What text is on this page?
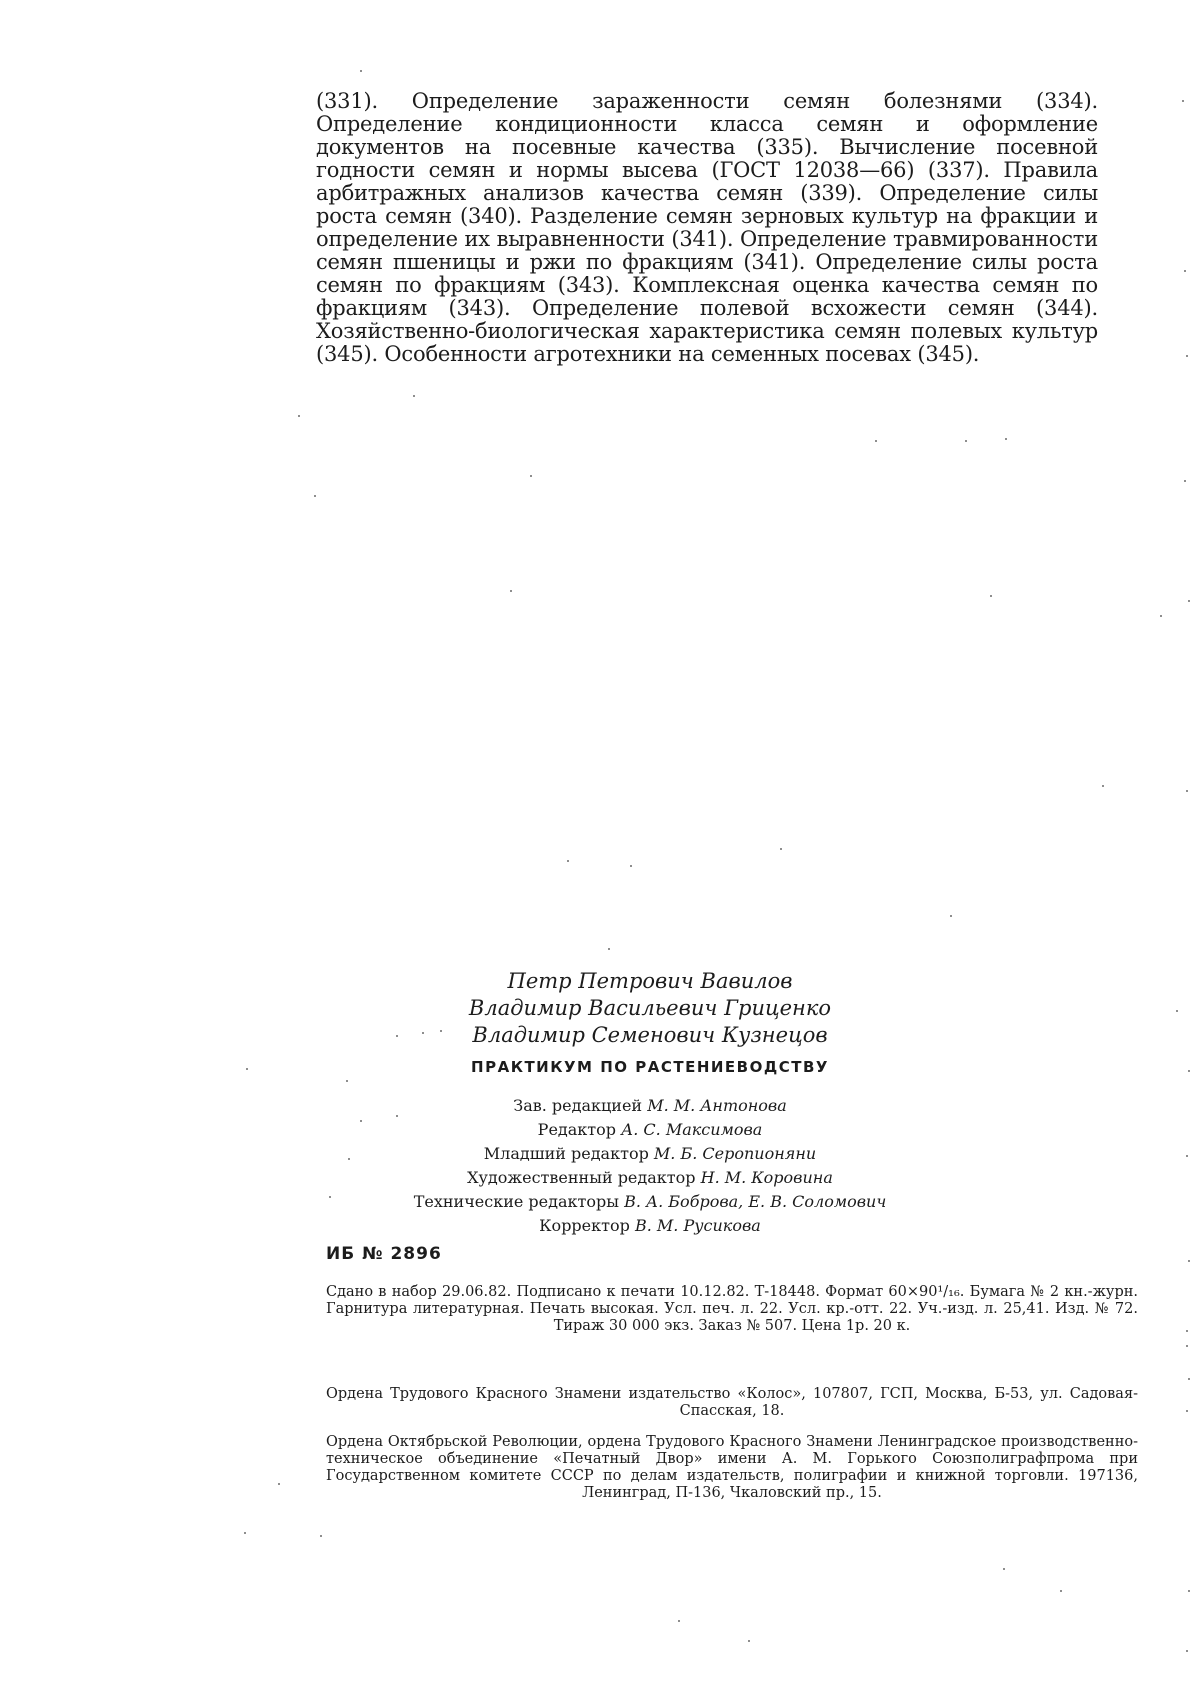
(331). Определение зараженности семян болезнями (334). Определение кондиционности класса семян и оформление документов на посевные качества (335). Вычисление посевной годности семян и нормы высева (ГОСТ 12038—66) (337). Правила арбитражных анализов качества семян (339). Определение силы роста семян (340). Разделение семян зерновых культур на фракции и определение их выравненности (341). Определение травмированности семян пшеницы и ржи по фракциям (341). Определение силы роста семян по фракциям (343). Комплексная оценка качества семян по фракциям (343). Определение полевой всхожести семян (344). Хозяйственно-биологическая характеристика семян полевых культур (345). Особенности агротехники на семенных посевах (345).

Петр Петрович Вавилов
Владимир Васильевич Гриценко
Владимир Семенович Кузнецов
ПРАКТИКУМ ПО РАСТЕНИЕВОДСТВУ
Зав. редакцией М. М. Антонова
Редактор А. С. Максимова
Младший редактор М. Б. Серопионяни
Художественный редактор Н. М. Коровина
Технические редакторы В. А. Боброва, Е. В. Соломович
Корректор В. М. Русикова
ИБ № 2896

Сдано в набор 29.06.82. Подписано к печати 10.12.82. Т-18448. Формат 60×90¹/₁₆. Бумага № 2 кн.-журн. Гарнитура литературная. Печать высокая. Усл. печ. л. 22. Усл. кр.-отт. 22. Уч.-изд. л. 25,41. Изд. № 72. Тираж 30 000 экз. Заказ № 507. Цена 1р. 20 к.

Ордена Трудового Красного Знамени издательство «Колос», 107807, ГСП, Москва, Б-53, ул. Садовая-Спасская, 18.

Ордена Октябрьской Революции, ордена Трудового Красного Знамени Ленинградское производственно-техническое объединение «Печатный Двор» имени А. М. Горького Союзполиграфпрома при Государственном комитете СССР по делам издательств, полиграфии и книжной торговли. 197136, Ленинград, П-136, Чкаловский пр., 15.
